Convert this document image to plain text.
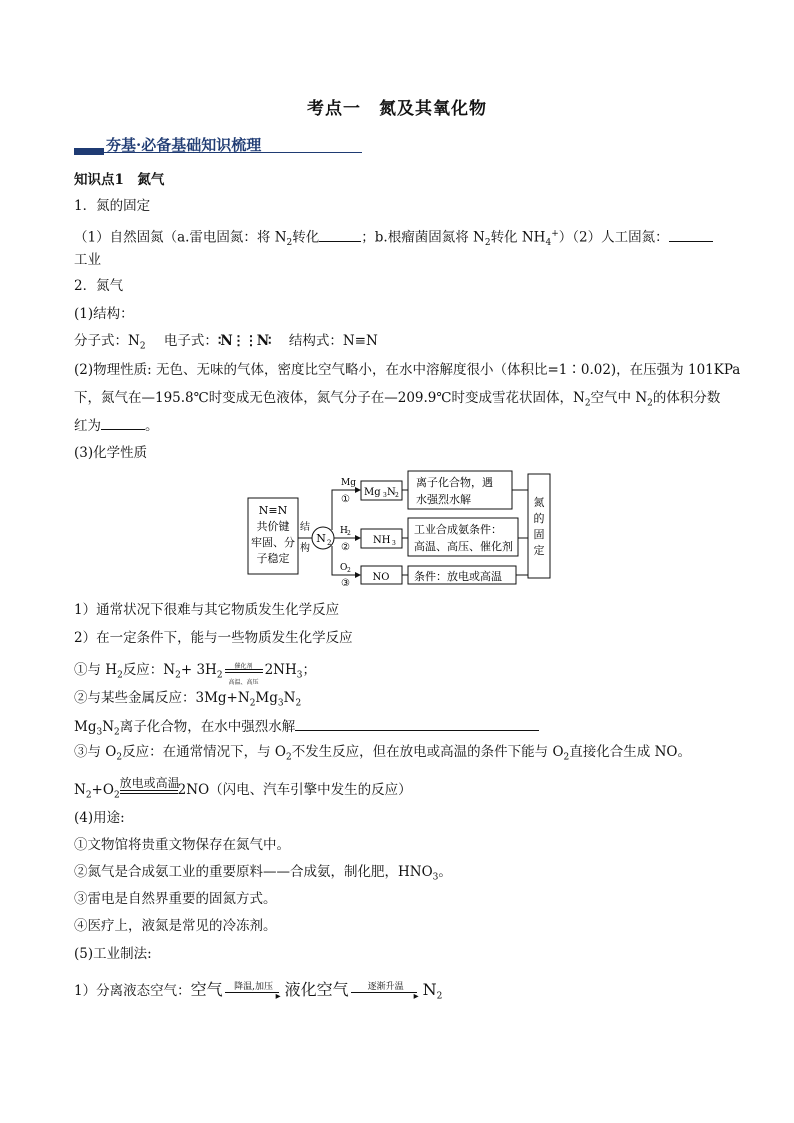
考点一　氮及其氧化物
夯基·必备基础知识梳理
知识点1　氮气
1．氮的固定
（1）自然固氮（a.雷电固氮：将 $N_2$转化	；b.根瘤菌固氮将 $N_2$转化 $NH_4^+)(2)$人工固氮：
工业
2．氮气
(1)结构：
分子式：$N_2$ 电子式：∶N⋮⋮N∶ 结构式：N≡N
(2)物理性质: 无色、无味的气体，密度比空气略小，在水中溶解度很小（体积比=1∶0.02)，在压强为 101KPa
下，氮气在—195.8℃时变成无色液体，氮气分子在—209.9℃时变成雪花状固体，$N_2$空气中 $N_2$的体积分数
红为	。
(3)化学性质
N≡N
共价键
牢固、分
子稳定
结
构
N 2
Mg
①
H 2
②
O 2
③
Mg 3 N 2
NH 3
NO
离子化合物，遇
水强烈水解
工业合成氨条件：
高温、高压、催化剂
条件：放电或高温
氮
的
固
定
1）通常状况下很难与其它物质发生化学反应
2）在一定条件下，能与一些物质发生化学反应
①与 $H_2$反应：$N_2+ 3H_2$
催化剂
高温、高压
$2NH_3$；
②与某些金属反应：$3Mg+N_2Mg_3N_2$
$Mg_3N_2$离子化合物，在水中强烈水解
③与 $O_2$反应：在通常情况下，与 $O_2$不发生反应，但在放电或高温的条件下能与 $O_2$直接化合生成 NO。
$N_2+O_2$
放电或高温
2NO（闪电、汽车引擎中发生的反应）
(4)用途:
①文物馆将贵重文物保存在氮气中。
②氮气是合成氨工业的重要原料——合成氨，制化肥，$HNO_3$。
③雷电是自然界重要的固氮方式。
④医疗上，液氮是常见的冷冻剂。
(5)工业制法:
1）分离液态空气：空气	降温,加压
▸ 液化空气	逐渐升温
▸ $N_2$
